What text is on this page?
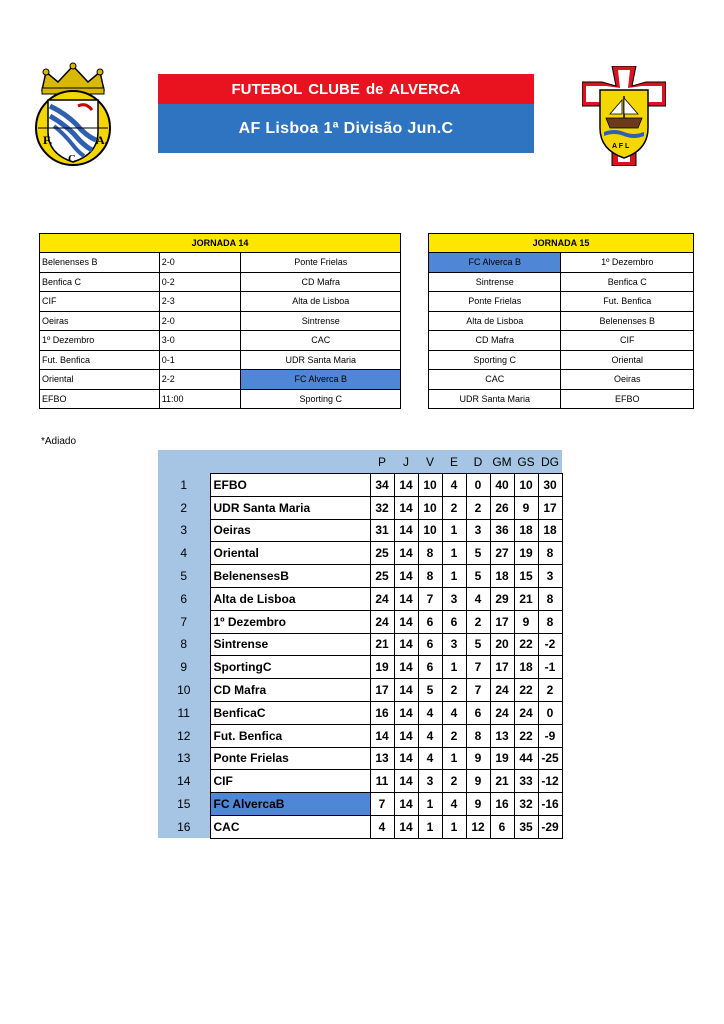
F.	A.
C
FUTEBOL CLUBE de ALVERCA
AF Lisboa 1ª Divisão Jun.C
A F L
JORNADA 14		
Belenenses B	2-0	Ponte Frielas
Benfica C	0-2	CD Mafra
CIF	2-3	Alta de Lisboa
Oeiras	2-0	Sintrense
1º Dezembro	3-0	CAC
Fut. Benfica	0-1	UDR Santa Maria
Oriental	2-2	FC Alverca B
EFBO	11:00	Sporting C
JORNADA 15	
FC Alverca B	1º Dezembro
Sintrense	Benfica C
Ponte Frielas	Fut. Benfica
Alta de Lisboa	Belenenses B
CD Mafra	CIF
Sporting C	Oriental
CAC	Oeiras
UDR Santa Maria	EFBO
*Adiado
		P	J	V	E	D	GM	GS	DG
1	EFBO	34	14	10	4	0	40	10	30
2	UDR Santa Maria	32	14	10	2	2	26	9	17
3	Oeiras	31	14	10	1	3	36	18	18
4	Oriental	25	14	8	1	5	27	19	8
5	BelenensesB	25	14	8	1	5	18	15	3
6	Alta de Lisboa	24	14	7	3	4	29	21	8
7	1º Dezembro	24	14	6	6	2	17	9	8
8	Sintrense	21	14	6	3	5	20	22	-2
9	SportingC	19	14	6	1	7	17	18	-1
10	CD Mafra	17	14	5	2	7	24	22	2
11	BenficaC	16	14	4	4	6	24	24	0
12	Fut. Benfica	14	14	4	2	8	13	22	-9
13	Ponte Frielas	13	14	4	1	9	19	44	-25
14	CIF	11	14	3	2	9	21	33	-12
15	FC AlvercaB	7	14	1	4	9	16	32	-16
16	CAC	4	14	1	1	12	6	35	-29
